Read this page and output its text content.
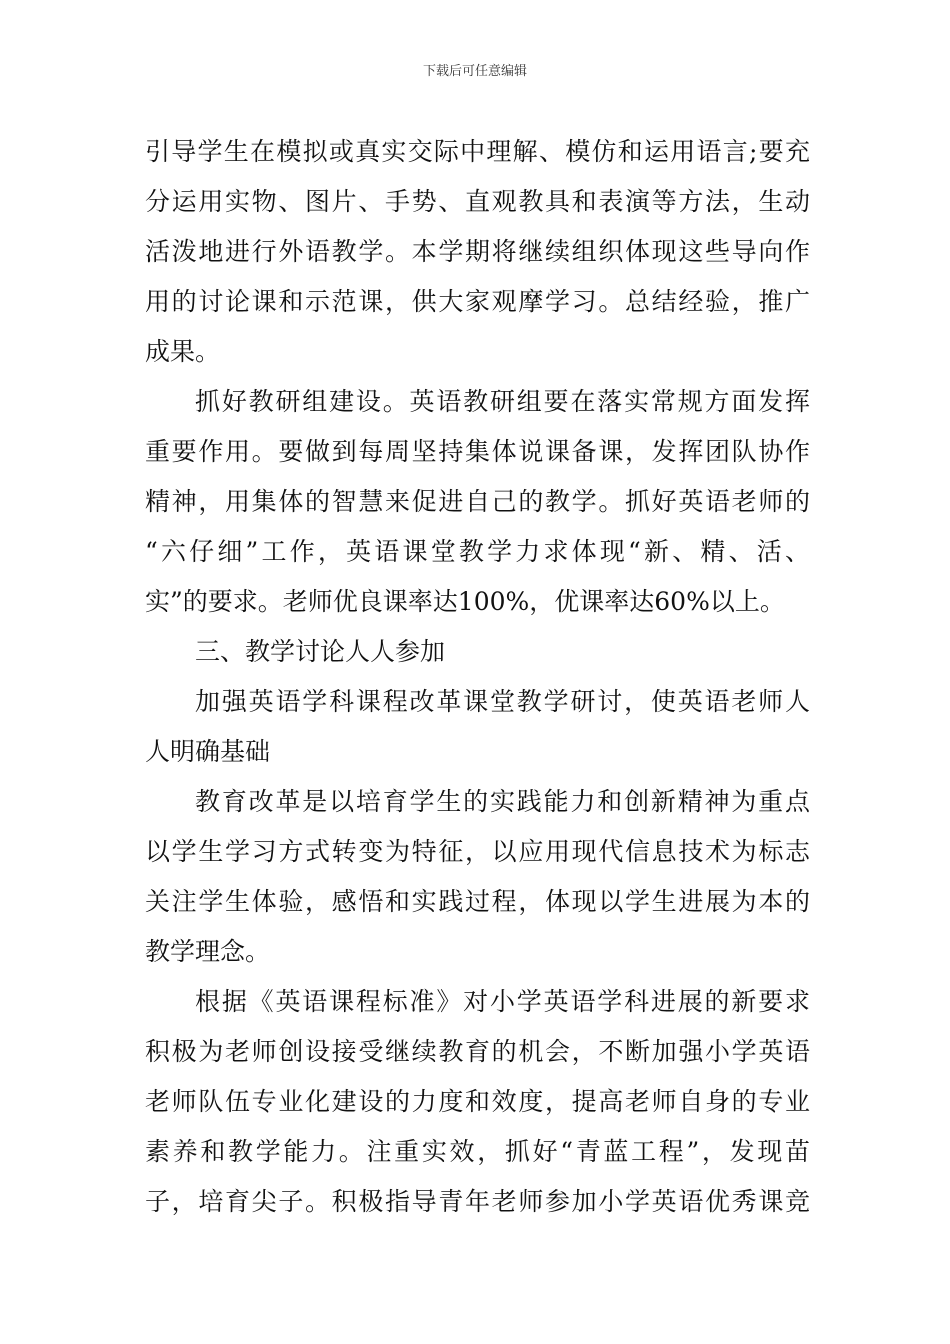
下载后可任意编辑
引导学生在模拟或真实交际中理解、模仿和运用语言;要充
分运用实物、图片、手势、直观教具和表演等方法，生动
活泼地进行外语教学。本学期将继续组织体现这些导向作
用的讨论课和示范课，供大家观摩学习。总结经验，推广
成果。
抓好教研组建设。英语教研组要在落实常规方面发挥
重要作用。要做到每周坚持集体说课备课，发挥团队协作
精神，用集体的智慧来促进自己的教学。抓好英语老师的
“六仔细”工作，英语课堂教学力求体现“新、精、活、
实”的要求。老师优良课率达100%，优课率达60%以上。
三、教学讨论人人参加
加强英语学科课程改革课堂教学研讨，使英语老师人
人明确基础
教育改革是以培育学生的实践能力和创新精神为重点
以学生学习方式转变为特征，以应用现代信息技术为标志
关注学生体验，感悟和实践过程，体现以学生进展为本的
教学理念。
根据《英语课程标准》对小学英语学科进展的新要求
积极为老师创设接受继续教育的机会，不断加强小学英语
老师队伍专业化建设的力度和效度，提高老师自身的专业
素养和教学能力。注重实效，抓好“青蓝工程”，发现苗
子，培育尖子。积极指导青年老师参加小学英语优秀课竞
